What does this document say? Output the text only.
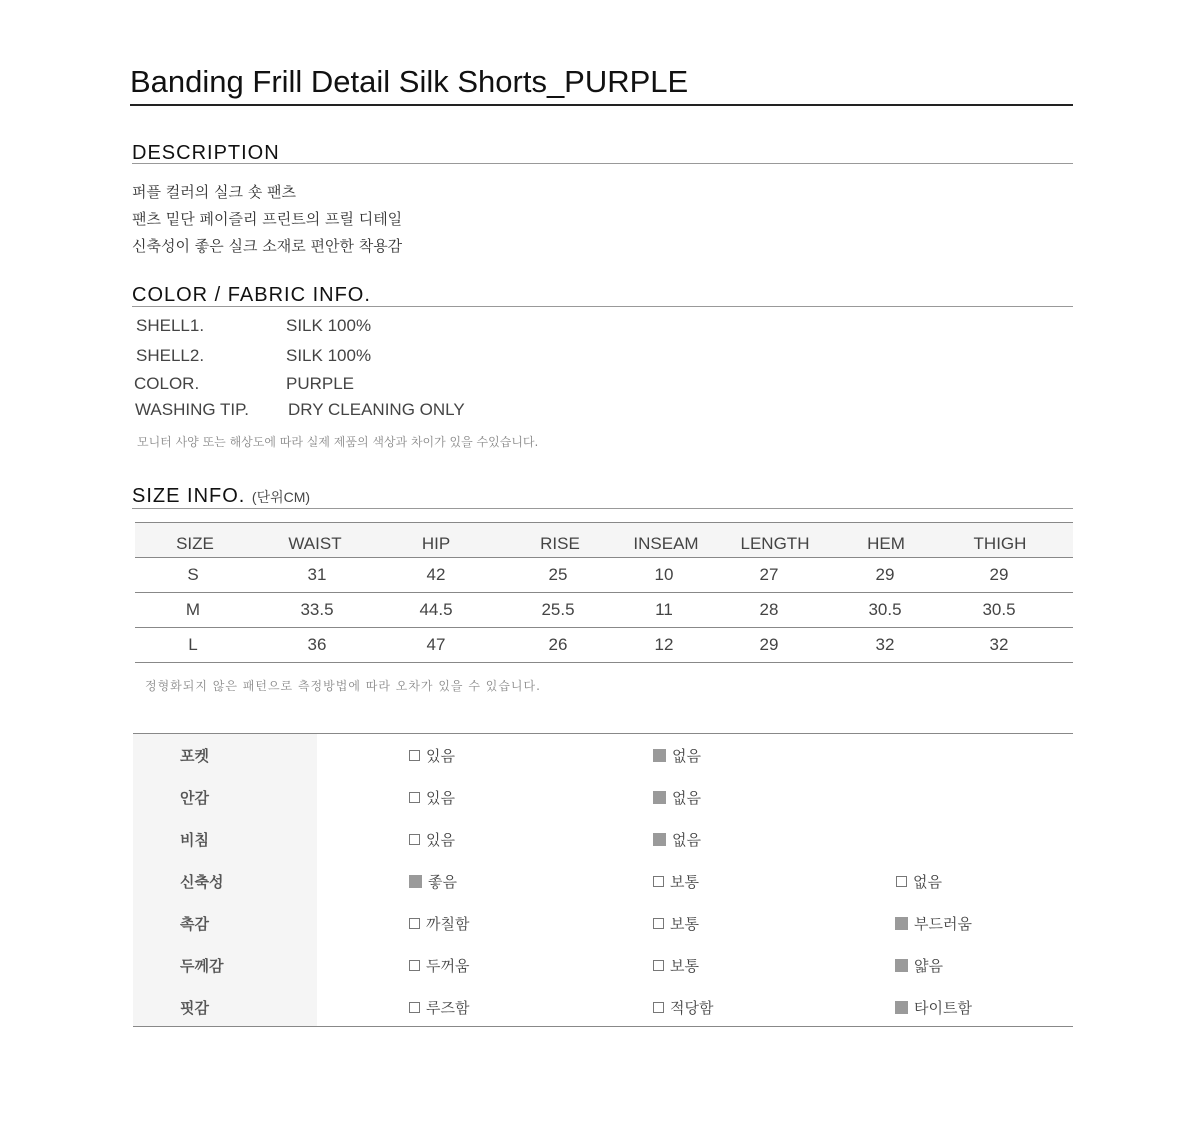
Banding Frill Detail Silk Shorts_PURPLE
DESCRIPTION
퍼플 컬러의 실크 숏 팬츠
팬츠 밑단 페이즐리 프린트의 프릴 디테일
신축성이 좋은 실크 소재로 편안한 착용감
COLOR / FABRIC INFO.
SHELL1.	SILK 100%
SHELL2.	SILK 100%
COLOR.	PURPLE
WASHING TIP. DRY CLEANING ONLY
모니터 사양 또는 해상도에 따라 실제 제품의 색상과 차이가 있을 수있습니다.
SIZE INFO. (단위CM)
SIZE	WAIST	HIP	RISE	INSEAM	LENGTH	HEM	THIGH
S	31	42	25	10	27	29	29
M	33.5	44.5	25.5	11	28	30.5	30.5
L	36	47	26	12	29	32	32
정형화되지 않은 패턴으로 측정방법에 따라 오차가 있을 수 있습니다.
포켓	있음	없음
안감	있음	없음
비침	있음	없음
신축성	좋음	보통	없음
촉감	까칠함	보통	부드러움
두께감	두꺼움	보통	얇음
핏감	루즈함	적당함	타이트함
